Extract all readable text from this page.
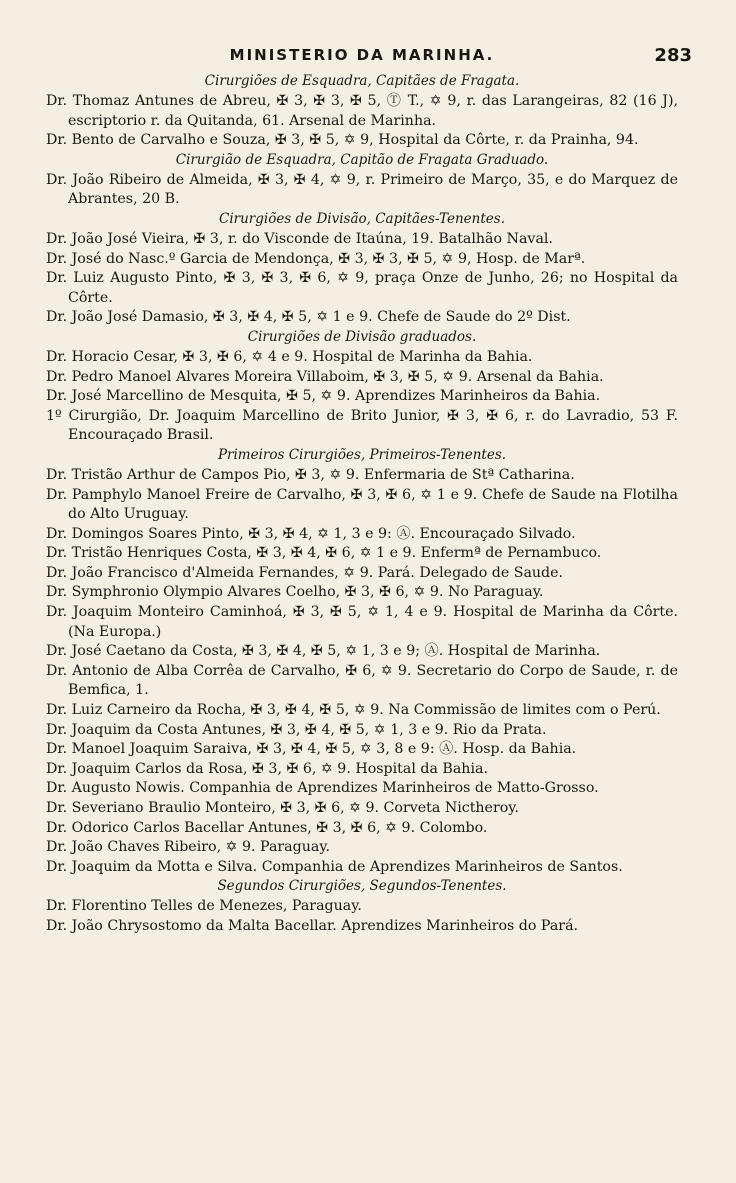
MINISTERIO DA MARINHA.	283
Cirurgiões de Esquadra, Capitães de Fragata.

Dr. Thomaz Antunes de Abreu, ✠ 3, ✠ 3, ✠ 5, Ⓣ T., ✡ 9, r. das Larangeiras, 82 (16 J), escriptorio r. da Quitanda, 61. Arsenal de Marinha.

Dr. Bento de Carvalho e Souza, ✠ 3, ✠ 5, ✡ 9, Hospital da Côrte, r. da Prainha, 94.

Cirurgião de Esquadra, Capitão de Fragata Graduado.

Dr. João Ribeiro de Almeida, ✠ 3, ✠ 4, ✡ 9, r. Primeiro de Março, 35, e do Marquez de Abrantes, 20 B.

Cirurgiões de Divisão, Capitães-Tenentes.

Dr. João José Vieira, ✠ 3, r. do Visconde de Itaúna, 19. Batalhão Naval.

Dr. José do Nasc.º Garcia de Mendonça, ✠ 3, ✠ 3, ✠ 5, ✡ 9, Hosp. de Marª.

Dr. Luiz Augusto Pinto, ✠ 3, ✠ 3, ✠ 6, ✡ 9, praça Onze de Junho, 26; no Hospital da Côrte.

Dr. João José Damasio, ✠ 3, ✠ 4, ✠ 5, ✡ 1 e 9. Chefe de Saude do 2º Dist.

Cirurgiões de Divisão graduados.

Dr. Horacio Cesar, ✠ 3, ✠ 6, ✡ 4 e 9. Hospital de Marinha da Bahia.

Dr. Pedro Manoel Alvares Moreira Villaboim, ✠ 3, ✠ 5, ✡ 9. Arsenal da Bahia.

Dr. José Marcellino de Mesquita, ✠ 5, ✡ 9. Aprendizes Marinheiros da Bahia.

1º Cirurgião, Dr. Joaquim Marcellino de Brito Junior, ✠ 3, ✠ 6, r. do Lavradio, 53 F. Encouraçado Brasil.

Primeiros Cirurgiões, Primeiros-Tenentes.

Dr. Tristão Arthur de Campos Pio, ✠ 3, ✡ 9. Enfermaria de Stª Catharina.

Dr. Pamphylo Manoel Freire de Carvalho, ✠ 3, ✠ 6, ✡ 1 e 9. Chefe de Saude na Flotilha do Alto Uruguay.

Dr. Domingos Soares Pinto, ✠ 3, ✠ 4, ✡ 1, 3 e 9: Ⓐ. Encouraçado Silvado.

Dr. Tristão Henriques Costa, ✠ 3, ✠ 4, ✠ 6, ✡ 1 e 9. Enfermª de Pernambuco.

Dr. João Francisco d'Almeida Fernandes, ✡ 9. Pará. Delegado de Saude.

Dr. Symphronio Olympio Alvares Coelho, ✠ 3, ✠ 6, ✡ 9. No Paraguay.

Dr. Joaquim Monteiro Caminhoá, ✠ 3, ✠ 5, ✡ 1, 4 e 9. Hospital de Marinha da Côrte. (Na Europa.)

Dr. José Caetano da Costa, ✠ 3, ✠ 4, ✠ 5, ✡ 1, 3 e 9; Ⓐ. Hospital de Marinha.

Dr. Antonio de Alba Corrêa de Carvalho, ✠ 6, ✡ 9. Secretario do Corpo de Saude, r. de Bemfica, 1.

Dr. Luiz Carneiro da Rocha, ✠ 3, ✠ 4, ✠ 5, ✡ 9. Na Commissão de limites com o Perú.

Dr. Joaquim da Costa Antunes, ✠ 3, ✠ 4, ✠ 5, ✡ 1, 3 e 9. Rio da Prata.

Dr. Manoel Joaquim Saraiva, ✠ 3, ✠ 4, ✠ 5, ✡ 3, 8 e 9: Ⓐ. Hosp. da Bahia.

Dr. Joaquim Carlos da Rosa, ✠ 3, ✠ 6, ✡ 9. Hospital da Bahia.

Dr. Augusto Nowis. Companhia de Aprendizes Marinheiros de Matto-Grosso.

Dr. Severiano Braulio Monteiro, ✠ 3, ✠ 6, ✡ 9. Corveta Nictheroy.

Dr. Odorico Carlos Bacellar Antunes, ✠ 3, ✠ 6, ✡ 9. Colombo.

Dr. João Chaves Ribeiro, ✡ 9. Paraguay.

Dr. Joaquim da Motta e Silva. Companhia de Aprendizes Marinheiros de Santos.

Segundos Cirurgiões, Segundos-Tenentes.

Dr. Florentino Telles de Menezes, Paraguay.

Dr. João Chrysostomo da Malta Bacellar. Aprendizes Marinheiros do Pará.
